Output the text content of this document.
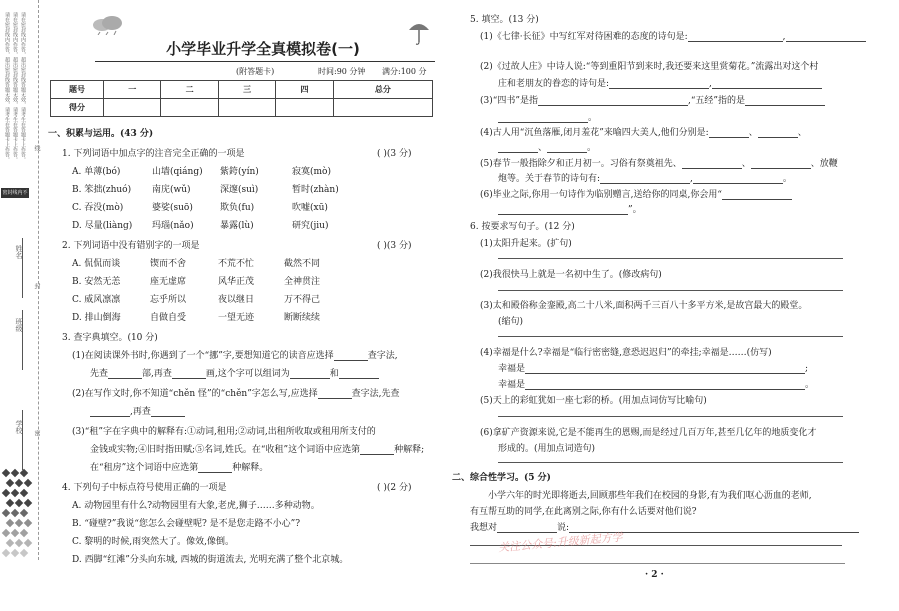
请在密封线内作答，超出密封线答题无效，请考生在答题卡上作答。 请在密封线内作答，超出密封线答题无效，请考生在答题卡上作答。 请在密封线内作答，超出密封线答题无效，请考生在答题卡上作答。
密封线内不要答题
姓名
班级
学校
线
封
密
小学毕业升学全真模拟卷(一)
(附答题卡)	时间:90 分钟 满分:100 分
题号	一	二	三	四	总分
得分					
一、积累与运用。(43 分)
1. 下列词语中加点字的注音完全正确的一项是	( )(3 分)
A. 单薄(bó)	山墙(qiáng) 紫銙(yín)	寂寞(mò)
B. 笨拙(zhuó) 南庑(wǔ)	深邃(suì)	暂时(zhàn)
C. 吞没(mò)	婆娑(suō)	欺负(fu)	吹嘘(xū)
D. 尽量(liàng) 玛瑙(nǎo)	暴露(lù)	研究(jiu)
2. 下列词语中没有错别字的一项是	( )(3 分)
A. 侃侃而谈	锲而不舍	不荒不忙	截然不同
B. 安然无恙	座无虚席	风华正茂	全神贯注
C. 威风凛凛	忘乎所以	夜以继日	万不得己
D. 排山倒海	自做自受	一望无迹	断断续续
3. 查字典填空。(10 分)
(1)在阅读课外书时,你遇到了一个“挪”字,要想知道它的读音应选择	查字法,
先查	部,再查	画,这个字可以组词为	和
(2)在写作文时,你不知道“chěn 怪”的“chěn”字怎么写,应选择	查字法,先查
,再查
(3)“租”字在字典中的解释有:①动词,租用;②动词,出租所收取或租用所支付的
金钱或实物;④旧时指田赋;⑤名词,姓氏。在“收租”这个词语中应选第	种解释;
在“租房”这个词语中应选第	种解释。
4. 下列句子中标点符号使用正确的一项是	( )(2 分)
A. 动物园里有什么?动物园里有大象,老虎,狮子……多种动物。
B. “碰壁?”我说“您怎么会碰壁呢? 是不是您走路不小心”?
C. 黎明的时候,雨突然大了。像效,像倒。
D. 西脚“红滩”分头向东城, 西城的街道流去, 光明充满了整个北京城。
5. 填空。(13 分)
(1)《七律·长征》中写红军对待困难的态度的诗句是:	,
(2)《过故人庄》中诗人说:“等到重阳节到来时,我还要来这里赏菊花。”流露出对这个村
庄和老朋友的眷恋的诗句是:	,
(3)“四书”是指	,“五经”指的是
。
(4)古人用“沉鱼落雁,闭月羞花”来喻四大美人,他们分别是:	、	、
、	。
(5)春节一般指除夕和正月初一。习俗有祭奠祖先、	、	、放鞭
炮等。关于春节的诗句有:	,	。
(6)毕业之际,你用一句诗作为临别赠言,送给你的同桌,你会用“
”。
6. 按要求写句子。(12 分)
(1)太阳升起来。(扩句)
(2)我很快马上就是一名初中生了。(修改病句)
(3)太和殿俗称金銮殿,高二十八米,面积两千三百八十多平方米,是故宫最大的殿堂。
(缩句)
(4)幸福是什么?幸福是“临行密密缝,意恐迟迟归”的牵挂;幸福是……(仿写)
幸福是	;
幸福是	。
(5)天上的彩虹犹如一座七彩的桥。(用加点词仿写比喻句)
(6)拿矿产资源来说,它是不能再生的恩赐,而是经过几百万年,甚至几亿年的地质变化才
形成的。(用加点词造句)
二、综合性学习。(5 分)
小学六年的时光即将逝去,回顾那些年我们在校园的身影,有为我们呕心沥血的老师,
有互帮互助的同学,在此离别之际,你有什么话要对他们说?
我想对	说:
关注公众号:升级新起方学
· 2 ·
